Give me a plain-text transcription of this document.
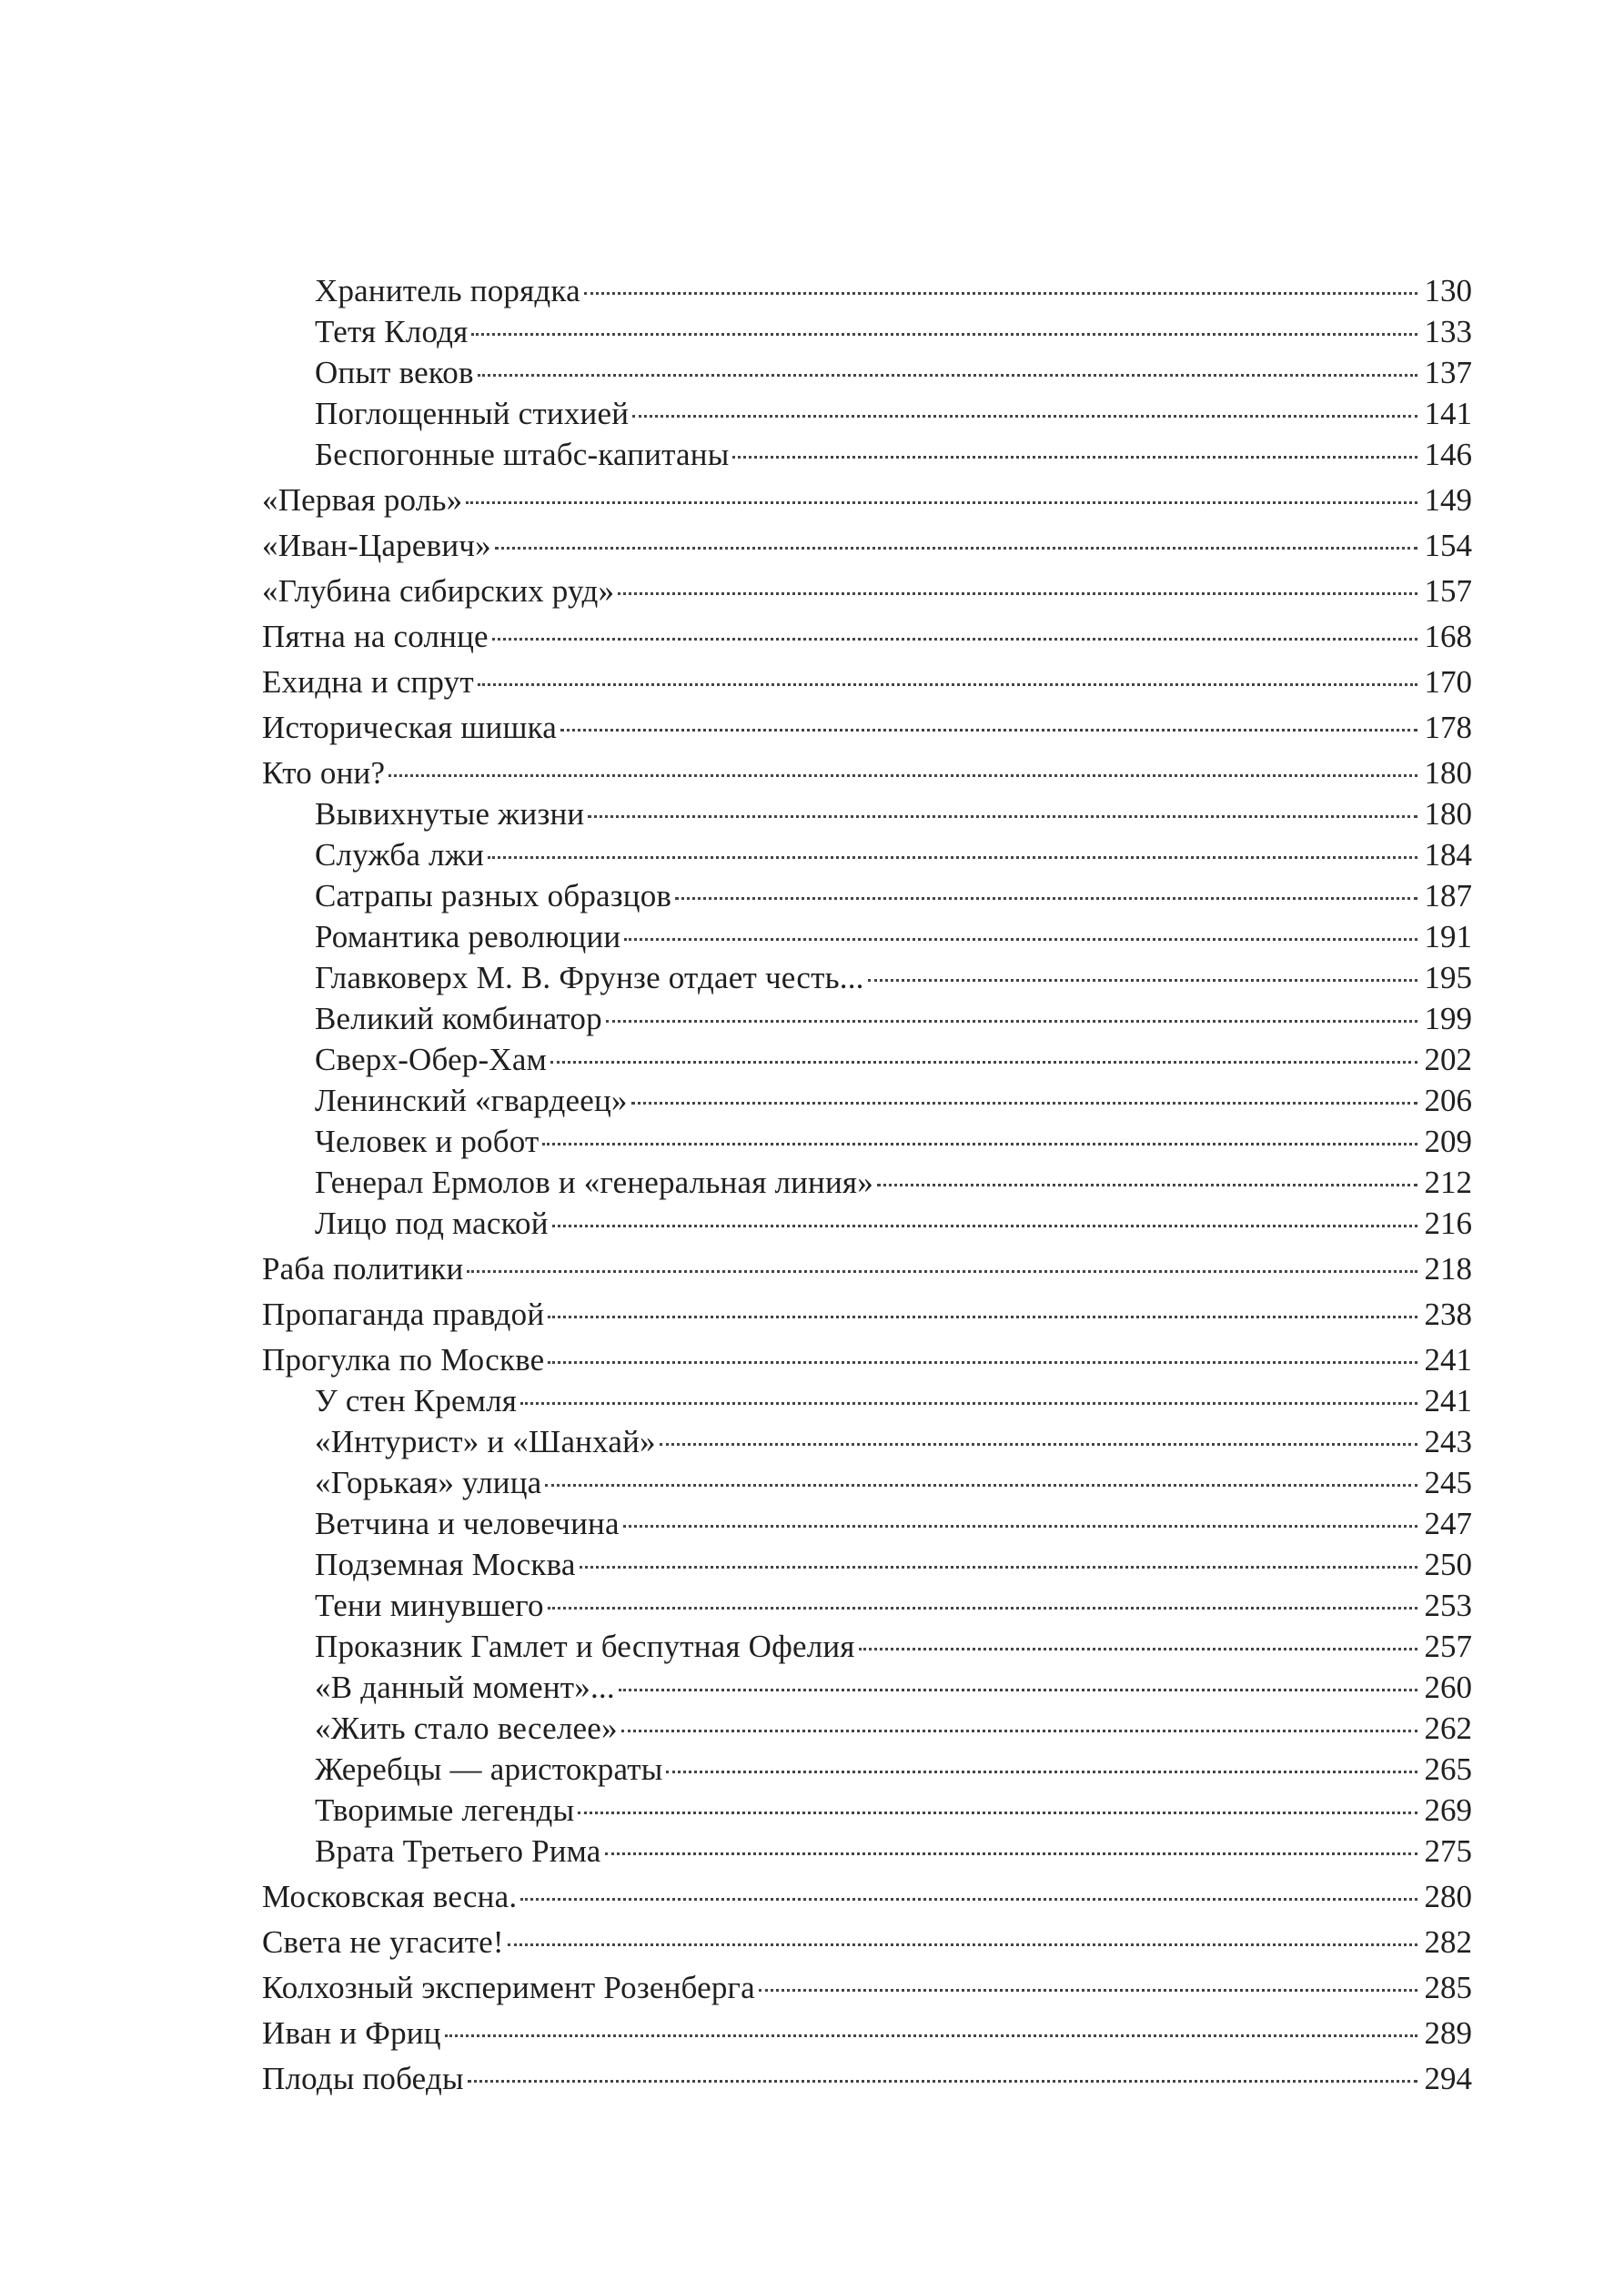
Хранитель порядка	130
Тетя Клодя	133
Опыт веков	137
Поглощенный стихией	141
Беспогонные штабс-капитаны	146
«Первая роль»	149
«Иван-Царевич»	154
«Глубина сибирских руд»	157
Пятна на солнце	168
Ехидна и спрут	170
Историческая шишка	178
Кто они?	180
Вывихнутые жизни	180
Служба лжи	184
Сатрапы разных образцов	187
Романтика революции	191
Главковерх М. В. Фрунзе отдает честь...	195
Великий комбинатор	199
Сверх-Обер-Хам	202
Ленинский «гвардеец»	206
Человек и робот	209
Генерал Ермолов и «генеральная линия»	212
Лицо под маской	216
Раба политики	218
Пропаганда правдой	238
Прогулка по Москве	241
У стен Кремля	241
«Интурист» и «Шанхай»	243
«Горькая» улица	245
Ветчина и человечина	247
Подземная Москва	250
Тени минувшего	253
Проказник Гамлет и беспутная Офелия	257
«В данный момент»...	260
«Жить стало веселее»	262
Жеребцы — аристократы	265
Творимые легенды	269
Врата Третьего Рима	275
Московская весна.	280
Света не угасите!	282
Колхозный эксперимент Розенберга	285
Иван и Фриц	289
Плоды победы	294
